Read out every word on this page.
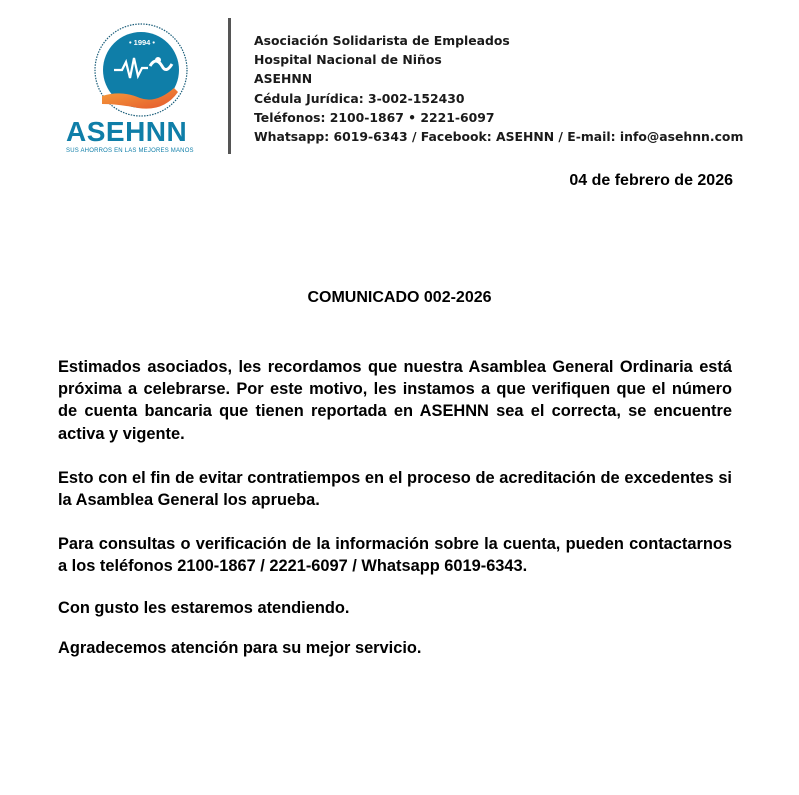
• 1994 •
ASEHNN
SUS AHORROS EN LAS MEJORES MANOS
Asociación Solidarista de Empleados
Hospital Nacional de Niños
ASEHNN
Cédula Jurídica: 3-002-152430
Teléfonos: 2100-1867 • 2221-6097
Whatsapp: 6019-6343 / Facebook: ASEHNN / E-mail: info@asehnn.com
04 de febrero de 2026
COMUNICADO 002-2026

Estimados asociados, les recordamos que nuestra Asamblea General Ordinaria está próxima a celebrarse. Por este motivo, les instamos a que verifiquen que el número de cuenta bancaria que tienen reportada en ASEHNN sea el correcta, se encuentre activa y vigente.

Esto con el fin de evitar contratiempos en el proceso de acreditación de excedentes si la Asamblea General los aprueba.

Para consultas o verificación de la información sobre la cuenta, pueden contactarnos a los teléfonos 2100-1867 / 2221-6097 / Whatsapp 6019-6343.

Con gusto les estaremos atendiendo.

Agradecemos atención para su mejor servicio.
